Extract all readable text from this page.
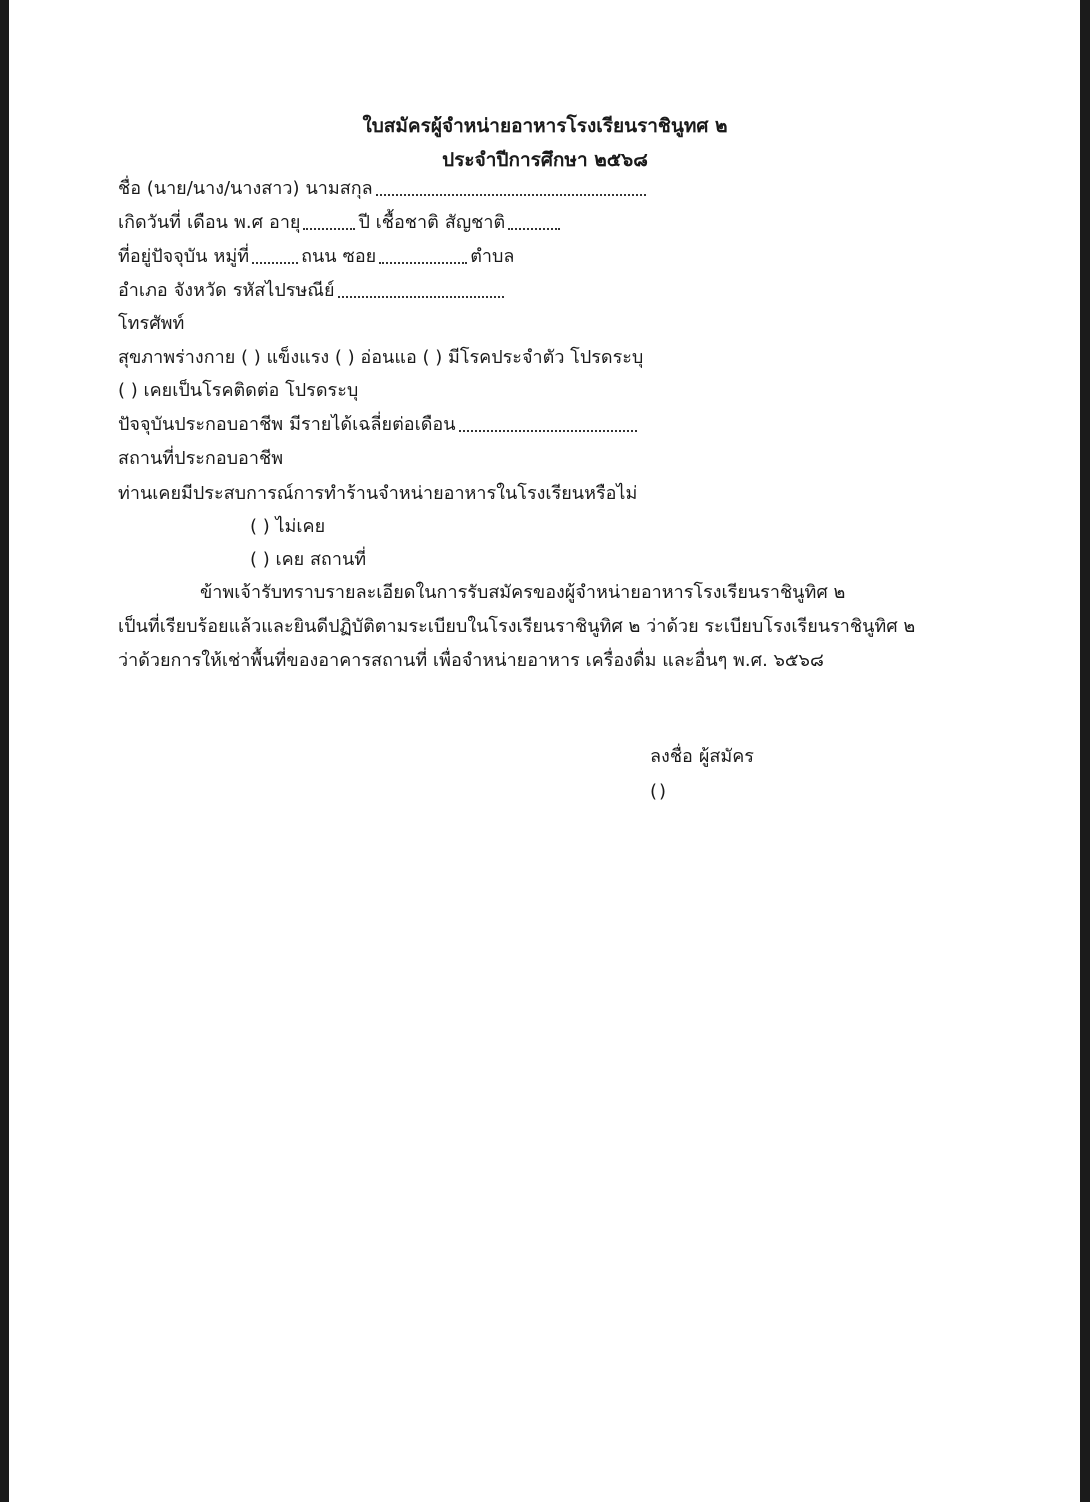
ใบสมัครผู้จำหน่ายอาหารโรงเรียนราชินูทศ ๒
ประจำปีการศึกษา ๒๕๖๘
ชื่อ (นาย/นาง/นางสาว) นามสกุล
เกิดวันที่ เดือน พ.ศ อายุ	ปี เชื้อชาติ สัญชาติ
ที่อยู่ปัจจุบัน หมู่ที่	ถนน ซอย	ตำบล
อำเภอ จังหวัด รหัสไปรษณีย์
โทรศัพท์
สุขภาพร่างกาย ( ) แข็งแรง ( ) อ่อนแอ ( ) มีโรคประจำตัว โปรดระบุ
( ) เคยเป็นโรคติดต่อ โปรดระบุ
ปัจจุบันประกอบอาชีพ มีรายได้เฉลี่ยต่อเดือน
สถานที่ประกอบอาชีพ
ท่านเคยมีประสบการณ์การทำร้านจำหน่ายอาหารในโรงเรียนหรือไม่
( ) ไม่เคย
( ) เคย สถานที่
ข้าพเจ้ารับทราบรายละเอียดในการรับสมัครของผู้จำหน่ายอาหารโรงเรียนราชินูทิศ ๒
เป็นที่เรียบร้อยแล้วและยินดีปฏิบัติตามระเบียบในโรงเรียนราชินูทิศ ๒ ว่าด้วย ระเบียบโรงเรียนราชินูทิศ ๒
ว่าด้วยการให้เช่าพื้นที่ของอาคารสถานที่ เพื่อจำหน่ายอาหาร เครื่องดื่ม และอื่นๆ พ.ศ. ๖๕๖๘
ลงชื่อ ผู้สมัคร
( )
